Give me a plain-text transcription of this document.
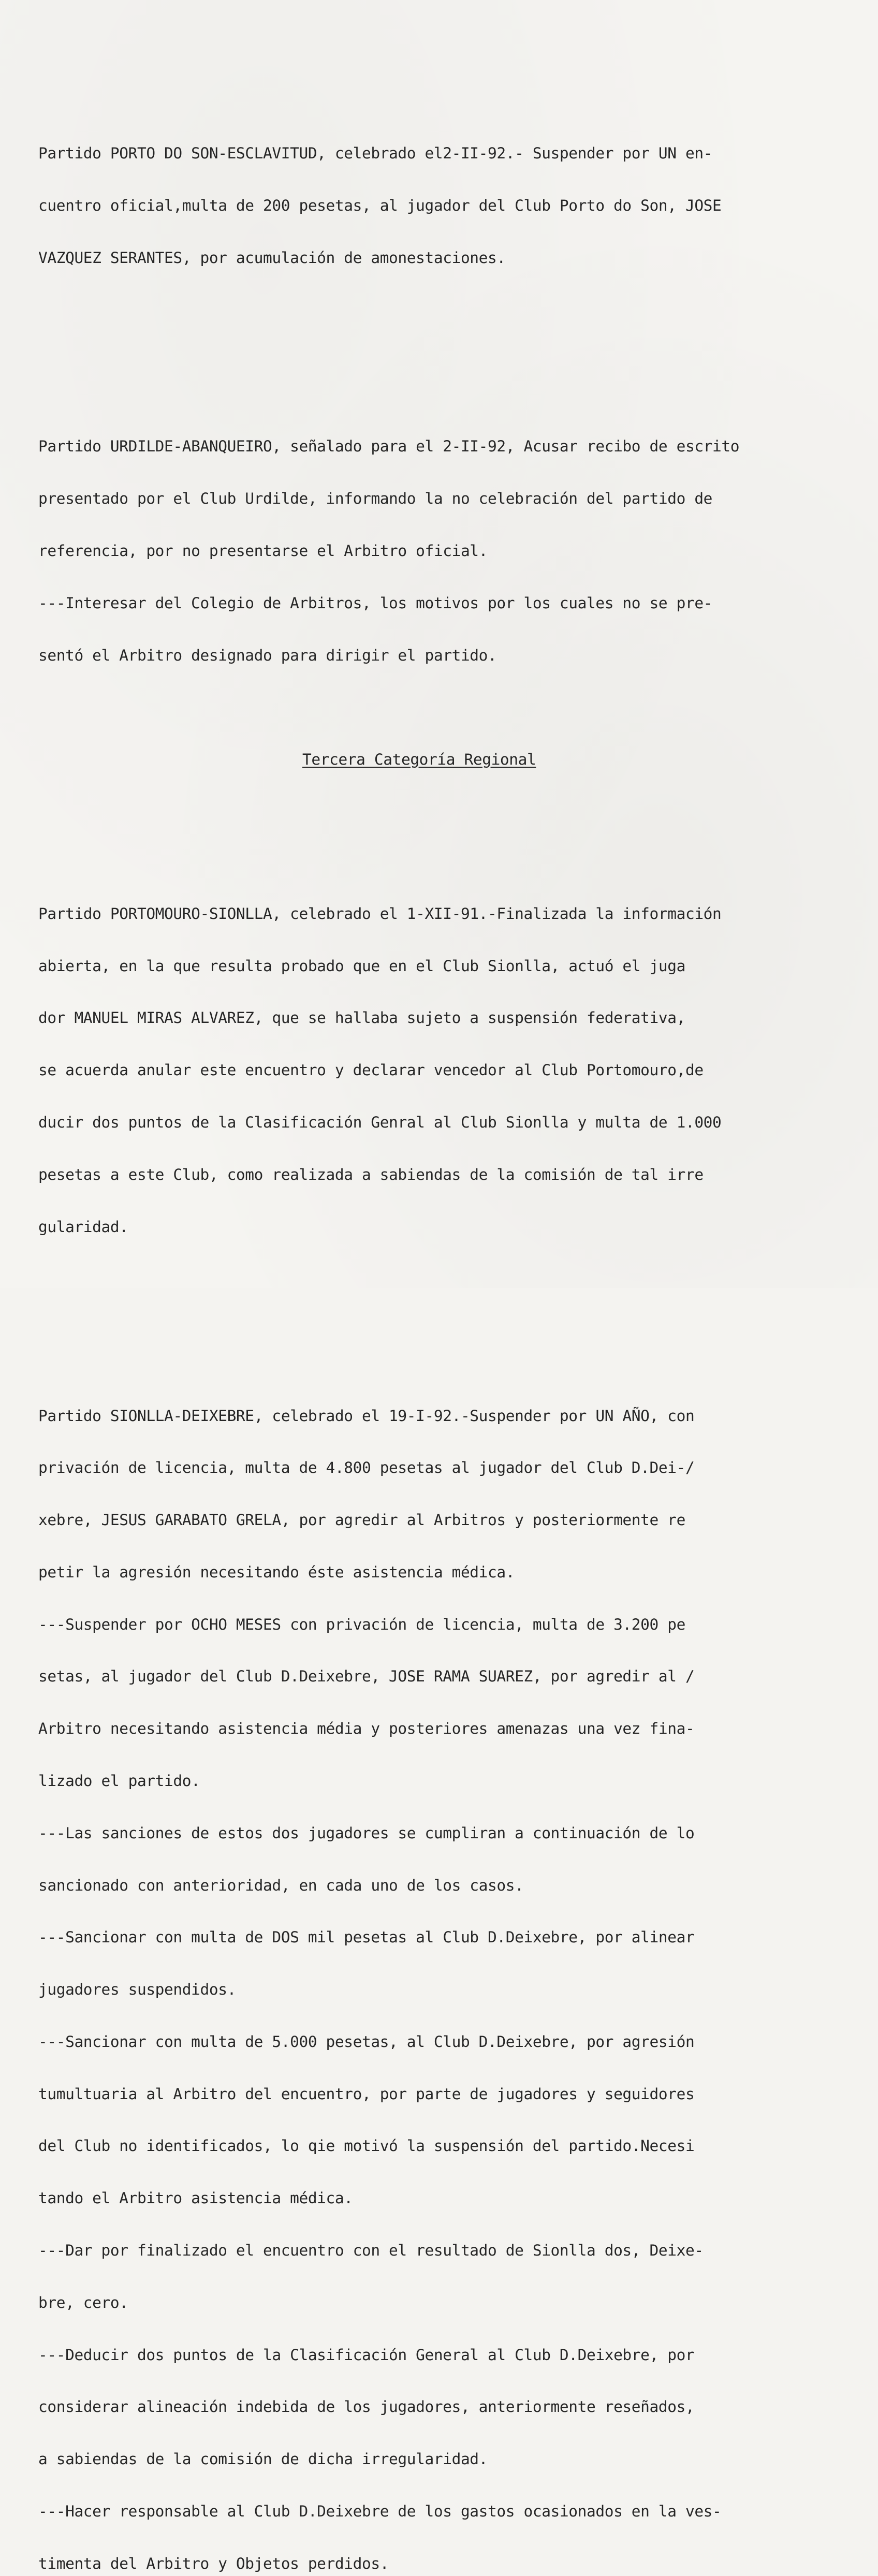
Partido PORTO DO SON-ESCLAVITUD, celebrado el2-II-92.- Suspender por UN en-

cuentro oficial,multa de 200 pesetas, al jugador del Club Porto do Son, JOSE

VAZQUEZ SERANTES, por acumulación de amonestaciones.

Partido URDILDE-ABANQUEIRO, señalado para el 2-II-92, Acusar recibo de escrito

presentado por el Club Urdilde, informando la no celebración del partido de

referencia, por no presentarse el Arbitro oficial.

---Interesar del Colegio de Arbitros, los motivos por los cuales no se pre-

sentó el Arbitro designado para dirigir el partido.

Tercera Categoría Regional

Partido PORTOMOURO-SIONLLA, celebrado el 1-XII-91.-Finalizada la información

abierta, en la que resulta probado que en el Club Sionlla, actuó el juga

dor MANUEL MIRAS ALVAREZ, que se hallaba sujeto a suspensión federativa,

se acuerda anular este encuentro y declarar vencedor al Club Portomouro,de

ducir dos puntos de la Clasificación Genral al Club Sionlla y multa de 1.000

pesetas a este Club, como realizada a sabiendas de la comisión de tal irre

gularidad.

Partido SIONLLA-DEIXEBRE, celebrado el 19-I-92.-Suspender por UN AÑO, con

privación de licencia, multa de 4.800 pesetas al jugador del Club D.Dei-/

xebre, JESUS GARABATO GRELA, por agredir al Arbitros y posteriormente re

petir la agresión necesitando éste asistencia médica.

---Suspender por OCHO MESES con privación de licencia, multa de 3.200 pe

setas, al jugador del Club D.Deixebre, JOSE RAMA SUAREZ, por agredir al /

Arbitro necesitando asistencia média y posteriores amenazas una vez fina-

lizado el partido.

---Las sanciones de estos dos jugadores se cumpliran a continuación de lo

sancionado con anterioridad, en cada uno de los casos.

---Sancionar con multa de DOS mil pesetas al Club D.Deixebre, por alinear

jugadores suspendidos.

---Sancionar con multa de 5.000 pesetas, al Club D.Deixebre, por agresión

tumultuaria al Arbitro del encuentro, por parte de jugadores y seguidores

del Club no identificados, lo qie motivó la suspensión del partido.Necesi

tando el Arbitro asistencia médica.

---Dar por finalizado el encuentro con el resultado de Sionlla dos, Deixe-

bre, cero.

---Deducir dos puntos de la Clasificación General al Club D.Deixebre, por

considerar alineación indebida de los jugadores, anteriormente reseñados,

a sabiendas de la comisión de dicha irregularidad.

---Hacer responsable al Club D.Deixebre de los gastos ocasionados en la ves-

timenta del Arbitro y Objetos perdidos.
